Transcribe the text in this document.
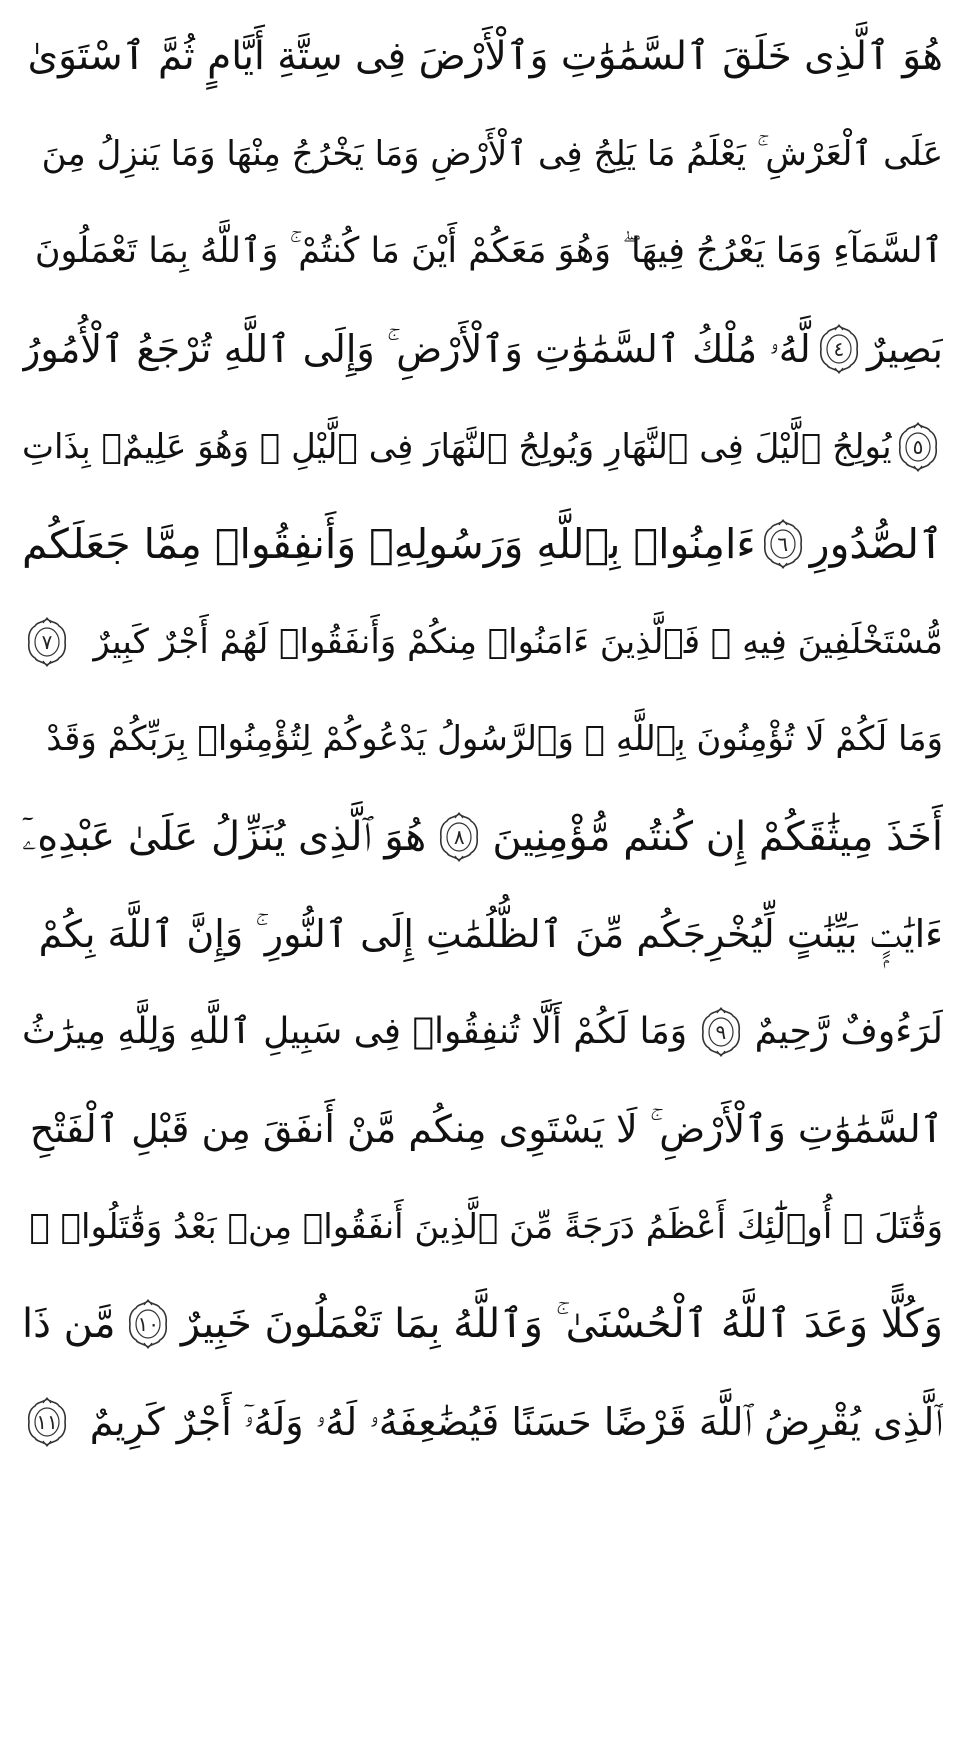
هُوَ ٱلَّذِى خَلَقَ ٱلسَّمَٰوَٰتِ وَٱلْأَرْضَ فِى سِتَّةِ أَيَّامٍ ثُمَّ ٱسْتَوَىٰ
عَلَى ٱلْعَرْشِ ۚ يَعْلَمُ مَا يَلِجُ فِى ٱلْأَرْضِ وَمَا يَخْرُجُ مِنْهَا وَمَا يَنزِلُ مِنَ
ٱلسَّمَآءِ وَمَا يَعْرُجُ فِيهَا ۖ وَهُوَ مَعَكُمْ أَيْنَ مَا كُنتُمْ ۚ وَٱللَّهُ بِمَا تَعْمَلُونَ
بَصِيرٌ
٤
لَّهُۥ مُلْكُ ٱلسَّمَٰوَٰتِ وَٱلْأَرْضِ ۚ وَإِلَى ٱللَّهِ تُرْجَعُ ٱلْأُمُورُ
٥
يُولِجُ ٱلَّيْلَ فِى ٱلنَّهَارِ وَيُولِجُ ٱلنَّهَارَ فِى ٱلَّيْلِ ۚ وَهُوَ عَلِيمٌۢ بِذَاتِ
ٱلصُّدُورِ
٦
ءَامِنُوا۟ بِٱللَّهِ وَرَسُولِهِۦ وَأَنفِقُوا۟ مِمَّا جَعَلَكُم
مُّسْتَخْلَفِينَ فِيهِ ۖ فَٱلَّذِينَ ءَامَنُوا۟ مِنكُمْ وَأَنفَقُوا۟ لَهُمْ أَجْرٌ كَبِيرٌ
٧
وَمَا لَكُمْ لَا تُؤْمِنُونَ بِٱللَّهِ ۙ وَٱلرَّسُولُ يَدْعُوكُمْ لِتُؤْمِنُوا۟ بِرَبِّكُمْ وَقَدْ
أَخَذَ مِيثَٰقَكُمْ إِن كُنتُم مُّؤْمِنِينَ
٨
هُوَ ٱلَّذِى يُنَزِّلُ عَلَىٰ عَبْدِهِۦٓ
ءَايَٰتٍۭ بَيِّنَٰتٍ لِّيُخْرِجَكُم مِّنَ ٱلظُّلُمَٰتِ إِلَى ٱلنُّورِ ۚ وَإِنَّ ٱللَّهَ بِكُمْ
لَرَءُوفٌ رَّحِيمٌ
٩
وَمَا لَكُمْ أَلَّا تُنفِقُوا۟ فِى سَبِيلِ ٱللَّهِ وَلِلَّهِ مِيرَٰثُ
ٱلسَّمَٰوَٰتِ وَٱلْأَرْضِ ۚ لَا يَسْتَوِى مِنكُم مَّنْ أَنفَقَ مِن قَبْلِ ٱلْفَتْحِ
وَقَٰتَلَ ۚ أُو۟لَٰٓئِكَ أَعْظَمُ دَرَجَةً مِّنَ ٱلَّذِينَ أَنفَقُوا۟ مِنۢ بَعْدُ وَقَٰتَلُوا۟ ۚ
وَكُلًّا وَعَدَ ٱللَّهُ ٱلْحُسْنَىٰ ۚ وَٱللَّهُ بِمَا تَعْمَلُونَ خَبِيرٌ
١٠
مَّن ذَا
ٱلَّذِى يُقْرِضُ ٱللَّهَ قَرْضًا حَسَنًا فَيُضَٰعِفَهُۥ لَهُۥ وَلَهُۥٓ أَجْرٌ كَرِيمٌ
١١
